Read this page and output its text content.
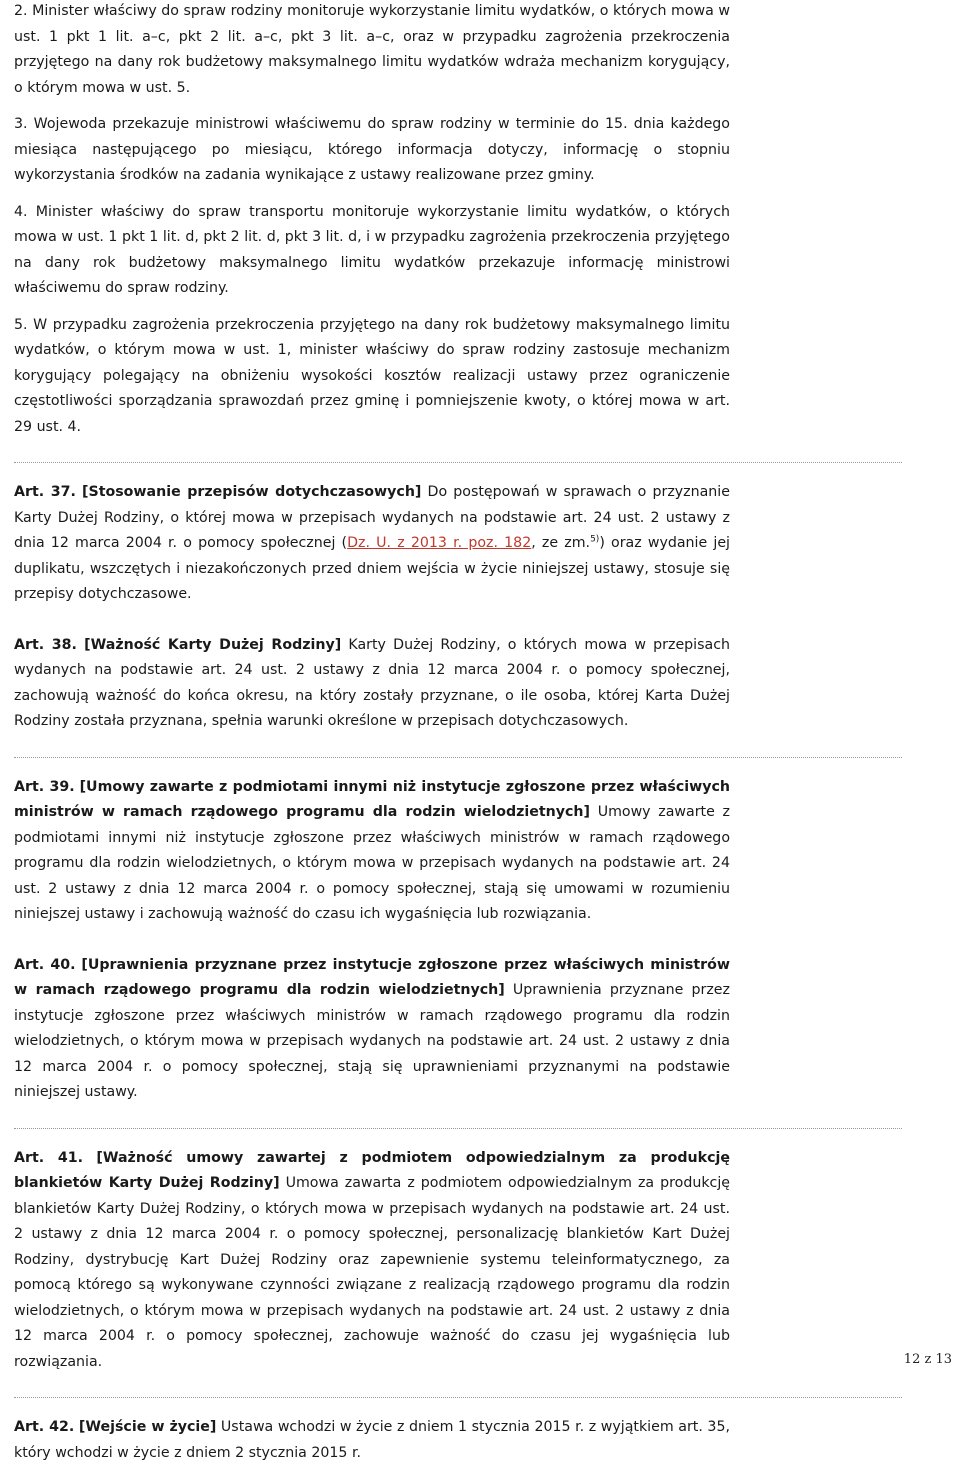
2. Minister właściwy do spraw rodziny monitoruje wykorzystanie limitu wydatków, o których mowa w ust. 1 pkt 1 lit. a–c, pkt 2 lit. a–c, pkt 3 lit. a–c, oraz w przypadku zagrożenia przekroczenia przyjętego na dany rok budżetowy maksymalnego limitu wydatków wdraża mechanizm korygujący, o którym mowa w ust. 5.

3. Wojewoda przekazuje ministrowi właściwemu do spraw rodziny w terminie do 15. dnia każdego miesiąca następującego po miesiącu, którego informacja dotyczy, informację o stopniu wykorzystania środków na zadania wynikające z ustawy realizowane przez gminy.

4. Minister właściwy do spraw transportu monitoruje wykorzystanie limitu wydatków, o których mowa w ust. 1 pkt 1 lit. d, pkt 2 lit. d, pkt 3 lit. d, i w przypadku zagrożenia przekroczenia przyjętego na dany rok budżetowy maksymalnego limitu wydatków przekazuje informację ministrowi właściwemu do spraw rodziny.

5. W przypadku zagrożenia przekroczenia przyjętego na dany rok budżetowy maksymalnego limitu wydatków, o którym mowa w ust. 1, minister właściwy do spraw rodziny zastosuje mechanizm korygujący polegający na obniżeniu wysokości kosztów realizacji ustawy przez ograniczenie częstotliwości sporządzania sprawozdań przez gminę i pomniejszenie kwoty, o której mowa w art. 29 ust. 4.

Art. 37. [Stosowanie przepisów dotychczasowych] Do postępowań w sprawach o przyznanie Karty Dużej Rodziny, o której mowa w przepisach wydanych na podstawie art. 24 ust. 2 ustawy z dnia 12 marca 2004 r. o pomocy społecznej (Dz. U. z 2013 r. poz. 182, ze zm.$^{5)}$) oraz wydanie jej duplikatu, wszczętych i niezakończonych przed dniem wejścia w życie niniejszej ustawy, stosuje się przepisy dotychczasowe.

Art. 38. [Ważność Karty Dużej Rodziny] Karty Dużej Rodziny, o których mowa w przepisach wydanych na podstawie art. 24 ust. 2 ustawy z dnia 12 marca 2004 r. o pomocy społecznej, zachowują ważność do końca okresu, na który zostały przyznane, o ile osoba, której Karta Dużej Rodziny została przyznana, spełnia warunki określone w przepisach dotychczasowych.

Art. 39. [Umowy zawarte z podmiotami innymi niż instytucje zgłoszone przez właściwych ministrów w ramach rządowego programu dla rodzin wielodzietnych] Umowy zawarte z podmiotami innymi niż instytucje zgłoszone przez właściwych ministrów w ramach rządowego programu dla rodzin wielodzietnych, o którym mowa w przepisach wydanych na podstawie art. 24 ust. 2 ustawy z dnia 12 marca 2004 r. o pomocy społecznej, stają się umowami w rozumieniu niniejszej ustawy i zachowują ważność do czasu ich wygaśnięcia lub rozwiązania.

Art. 40. [Uprawnienia przyznane przez instytucje zgłoszone przez właściwych ministrów w ramach rządowego programu dla rodzin wielodzietnych] Uprawnienia przyznane przez instytucje zgłoszone przez właściwych ministrów w ramach rządowego programu dla rodzin wielodzietnych, o którym mowa w przepisach wydanych na podstawie art. 24 ust. 2 ustawy z dnia 12 marca 2004 r. o pomocy społecznej, stają się uprawnieniami przyznanymi na podstawie niniejszej ustawy.

Art. 41. [Ważność umowy zawartej z podmiotem odpowiedzialnym za produkcję blankietów Karty Dużej Rodziny] Umowa zawarta z podmiotem odpowiedzialnym za produkcję blankietów Karty Dużej Rodziny, o których mowa w przepisach wydanych na podstawie art. 24 ust. 2 ustawy z dnia 12 marca 2004 r. o pomocy społecznej, personalizację blankietów Kart Dużej Rodziny, dystrybucję Kart Dużej Rodziny oraz zapewnienie systemu teleinformatycznego, za pomocą którego są wykonywane czynności związane z realizacją rządowego programu dla rodzin wielodzietnych, o którym mowa w przepisach wydanych na podstawie art. 24 ust. 2 ustawy z dnia 12 marca 2004 r. o pomocy społecznej, zachowuje ważność do czasu jej wygaśnięcia lub rozwiązania.

Art. 42. [Wejście w życie] Ustawa wchodzi w życie z dniem 1 stycznia 2015 r. z wyjątkiem art. 35, który wchodzi w życie z dniem 2 stycznia 2015 r.

12 z 13
